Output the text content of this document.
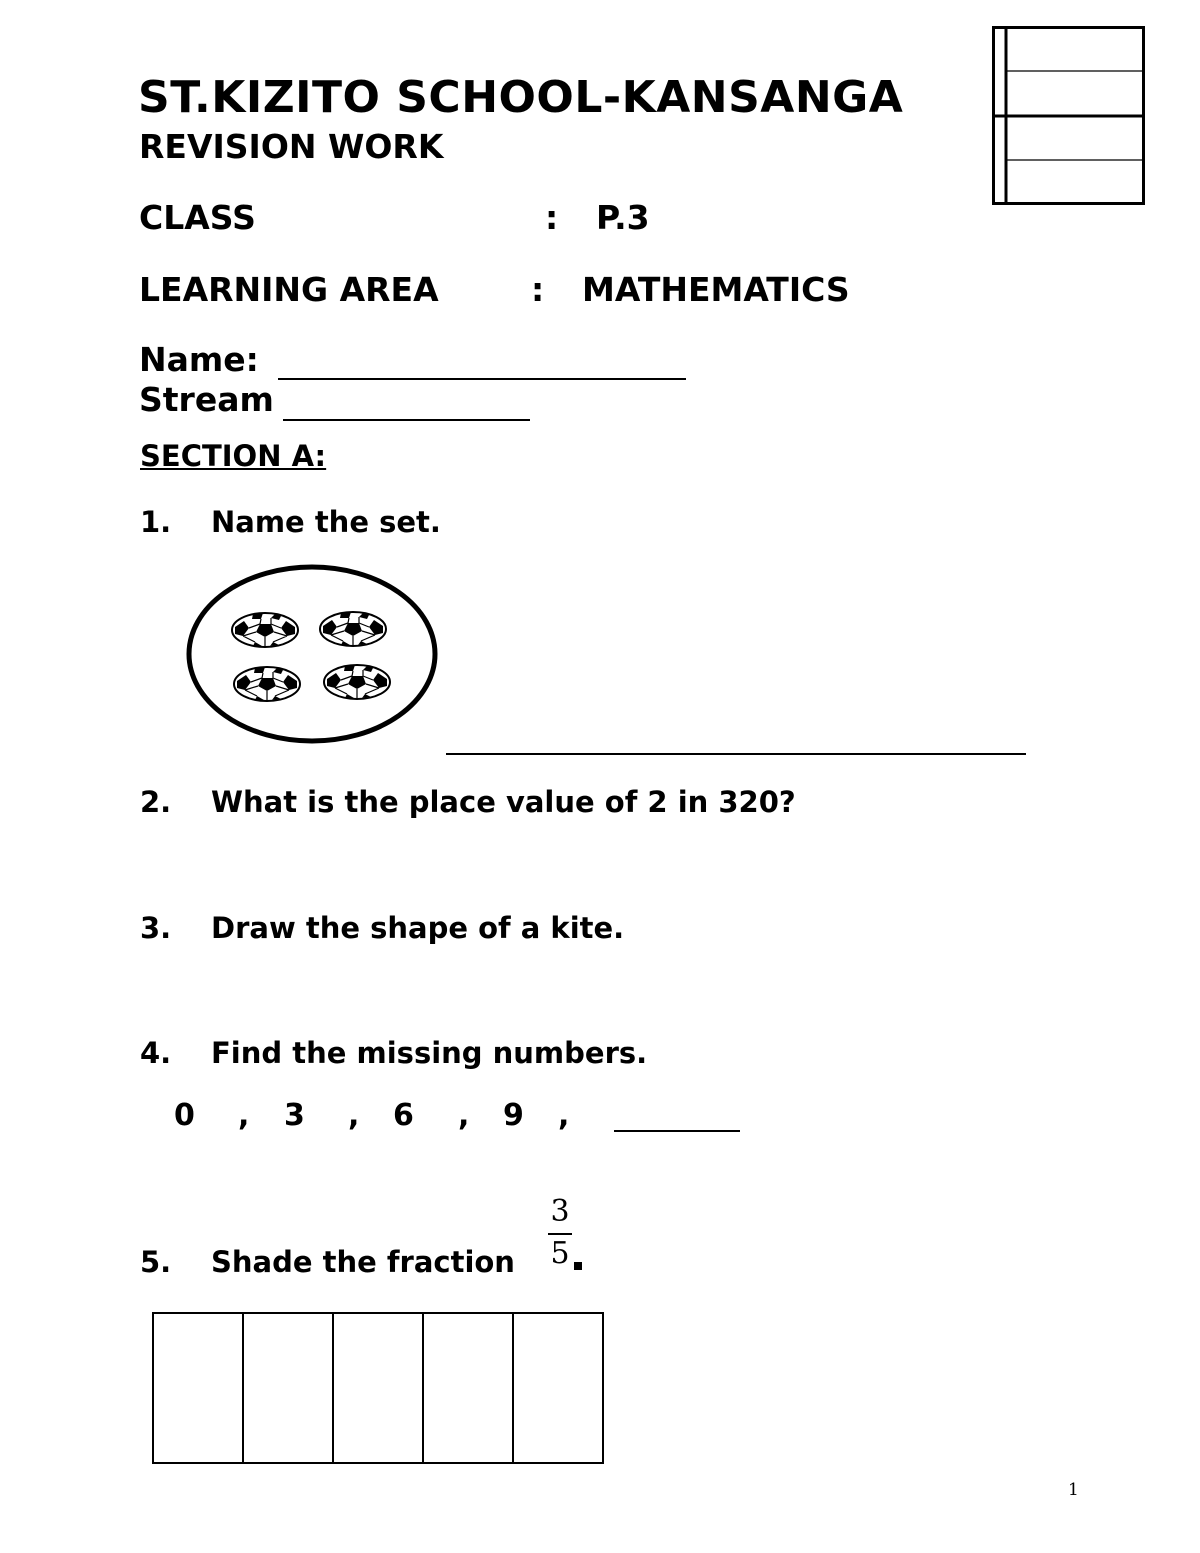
ST.KIZITO SCHOOL-KANSANGA
REVISION WORK
CLASS	: P.3
LEARNING AREA	: MATHEMATICS
Name:
Stream
SECTION A:
1. Name the set.
2. What is the place value of 2 in 320?
3. Draw the shape of a kite.
4. Find the missing numbers.
0 , 3 , 6 , 9 ,
5. Shade the fraction
3
5
1
